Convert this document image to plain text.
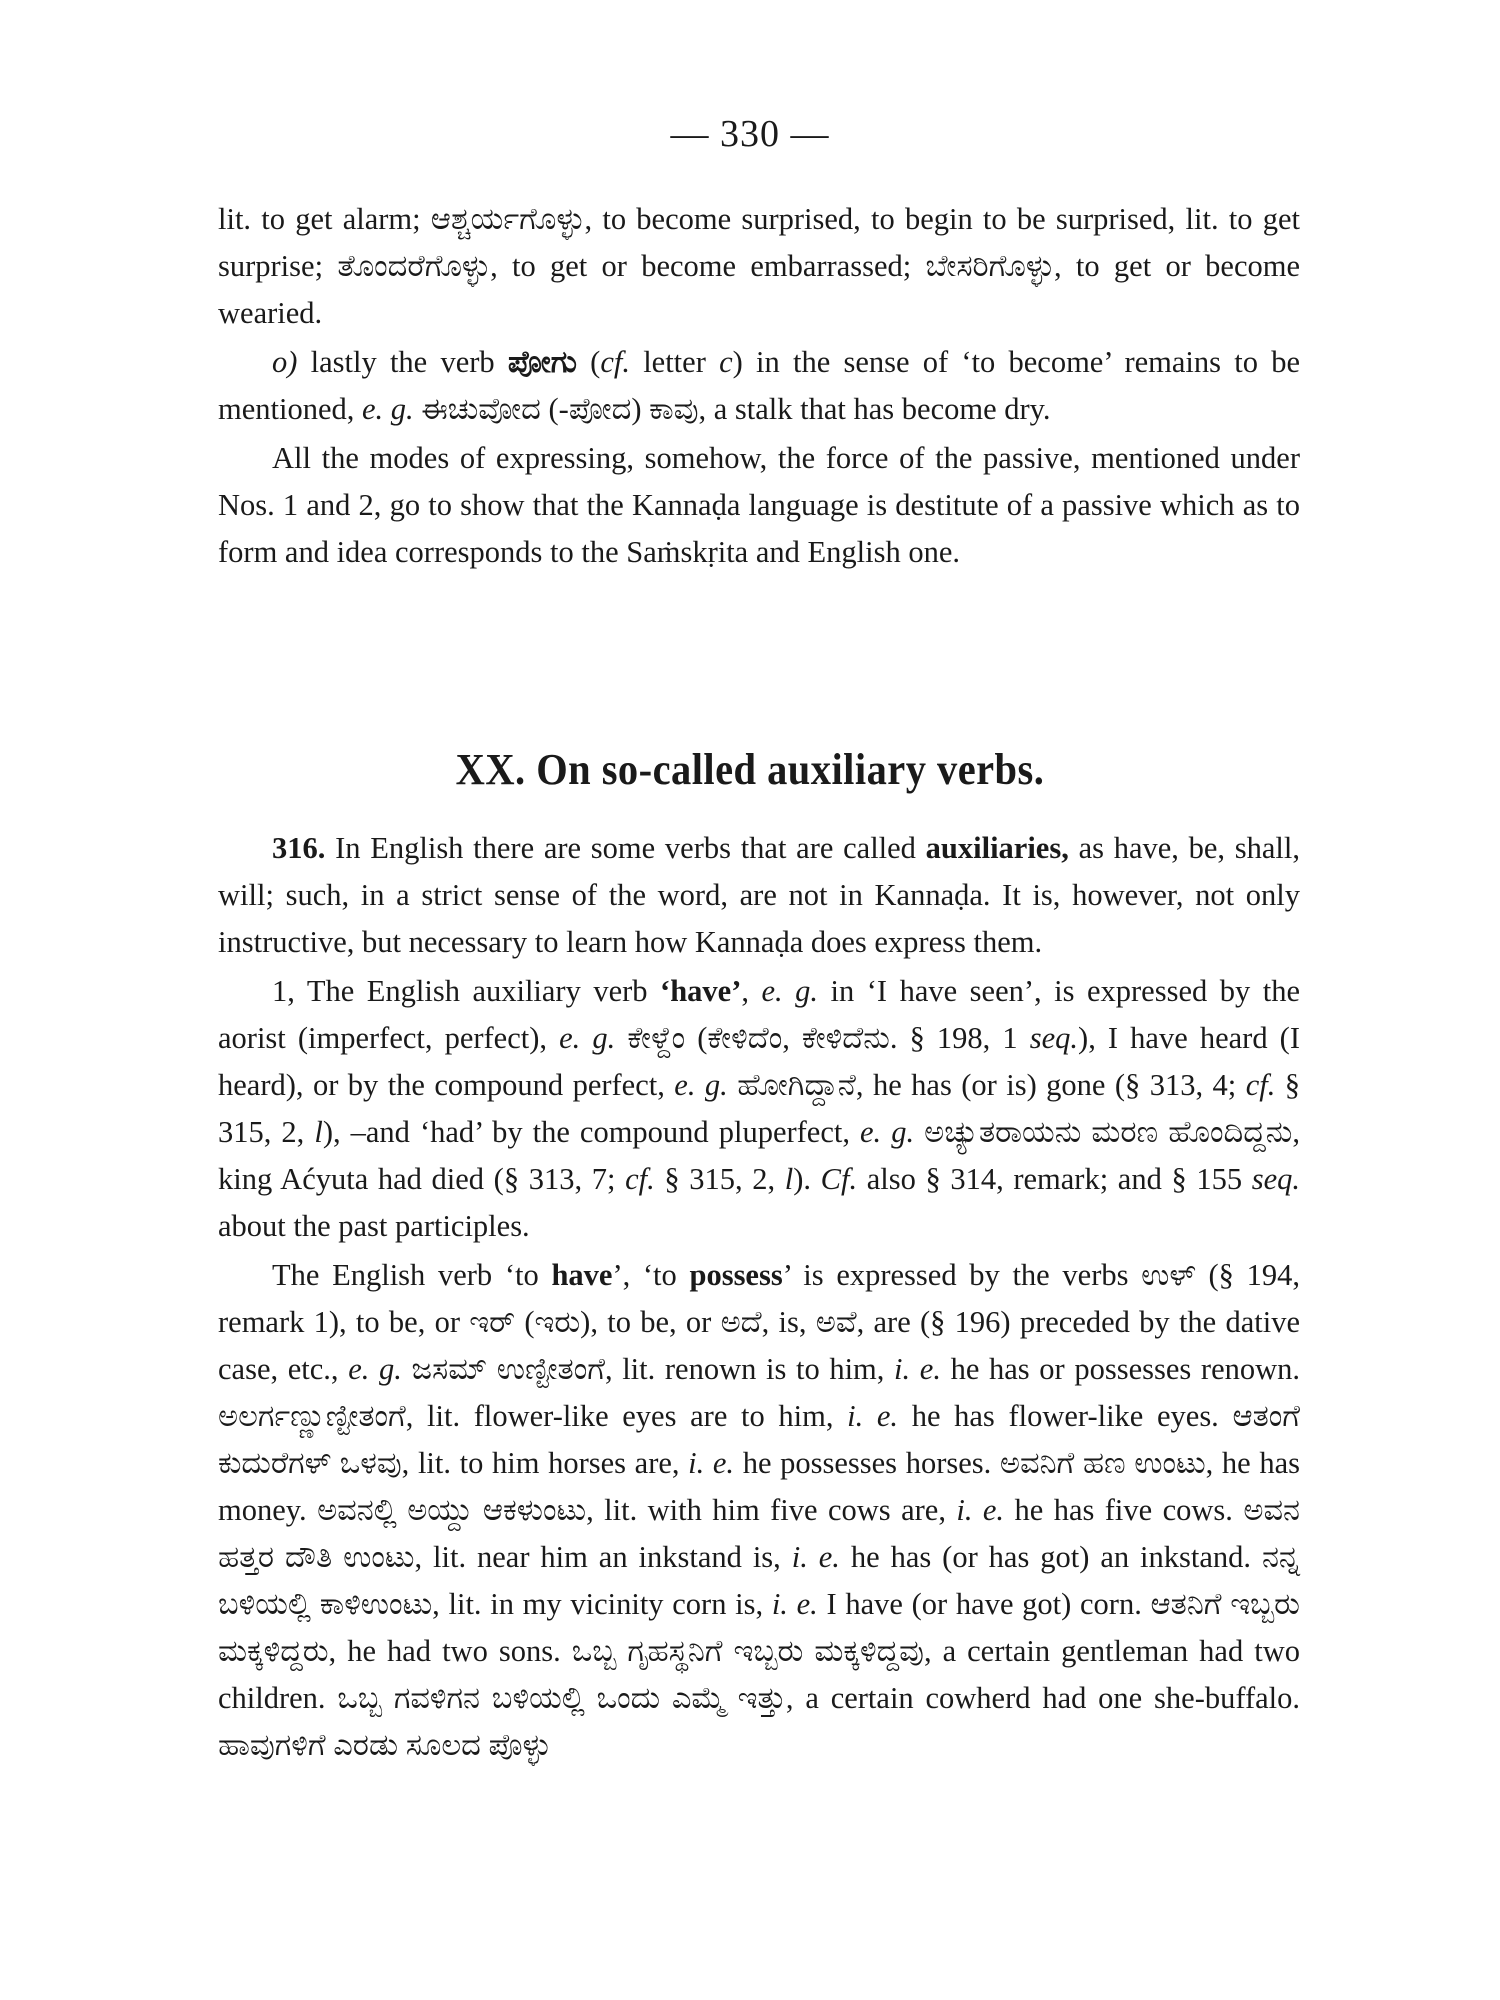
— 330 —

lit. to get alarm; ಆಶ್ಚರ್ಯಗೊಳ್ಳು, to become surprised, to begin to be surprised, lit. to get surprise; ತೊಂದರೆಗೊಳ್ಳು, to get or become embarrassed; ಬೇಸರಿಗೊಳ್ಳು, to get or become wearied.

o) lastly the verb ಪೋಗು (cf. letter c) in the sense of ‘to become’ remains to be mentioned, e. g. ಈಚುವೋದ (-ಪೋದ) ಕಾವು, a stalk that has become dry.

All the modes of expressing, somehow, the force of the passive, mentioned under Nos. 1 and 2, go to show that the Kannaḍa language is destitute of a passive which as to form and idea corresponds to the Saṁskṛita and English one.

XX. On so-called auxiliary verbs.

316. In English there are some verbs that are called auxiliaries, as have, be, shall, will; such, in a strict sense of the word, are not in Kannaḍa. It is, however, not only instructive, but necessary to learn how Kannaḍa does express them.

1, The English auxiliary verb ‘have’, e. g. in ‘I have seen’, is expressed by the aorist (imperfect, perfect), e. g. ಕೇಳ್ದೆಂ (ಕೇಳಿದೆಂ, ಕೇಳಿದೆನು. § 198, 1 seq.), I have heard (I heard), or by the compound perfect, e. g. ಹೋಗಿದ್ದಾನೆ, he has (or is) gone (§ 313, 4; cf. § 315, 2, l), –and ‘had’ by the compound pluperfect, e. g. ಅಚ್ಯುತರಾಯನು ಮರಣ ಹೊಂದಿದ್ದನು, king Aćyuta had died (§ 313, 7; cf. § 315, 2, l). Cf. also § 314, remark; and § 155 seq. about the past participles.

The English verb ‘to have’, ‘to possess’ is expressed by the verbs ಉಳ್ (§ 194, remark 1), to be, or ಇರ್ (ಇರು), to be, or ಅದೆ, is, ಅವೆ, are (§ 196) preceded by the dative case, etc., e. g. ಜಸಮ್ ಉಣ್ಟೀತಂಗೆ, lit. renown is to him, i. e. he has or possesses renown. ಅಲರ್ಗಣ್ಣುಣ್ಟೀತಂಗೆ, lit. flower-like eyes are to him, i. e. he has flower-like eyes. ಆತಂಗೆ ಕುದುರೆಗಳ್ ಒಳವು, lit. to him horses are, i. e. he possesses horses. ಅವನಿಗೆ ಹಣ ಉಂಟು, he has money. ಅವನಲ್ಲಿ ಅಯ್ದು ಆಕಳುಂಟು, lit. with him five cows are, i. e. he has five cows. ಅವನ ಹತ್ತರ ದೌತಿ ಉಂಟು, lit. near him an inkstand is, i. e. he has (or has got) an inkstand. ನನ್ನ ಬಳಿಯಲ್ಲಿ ಕಾಳಿಉಂಟು, lit. in my vicinity corn is, i. e. I have (or have got) corn. ಆತನಿಗೆ ಇಬ್ಬರು ಮಕ್ಕಳಿದ್ದರು, he had two sons. ಒಬ್ಬ ಗೃಹಸ್ಥನಿಗೆ ಇಬ್ಬರು ಮಕ್ಕಳಿದ್ದವು, a certain gentleman had two children. ಒಬ್ಬ ಗವಳಿಗನ ಬಳಿಯಲ್ಲಿ ಒಂದು ಎಮ್ಮೆ ಇತ್ತು, a certain cowherd had one she-buffalo. ಹಾವುಗಳಿಗೆ ಎರಡು ಸೂಲದ ಪೊಳ್ಳು
